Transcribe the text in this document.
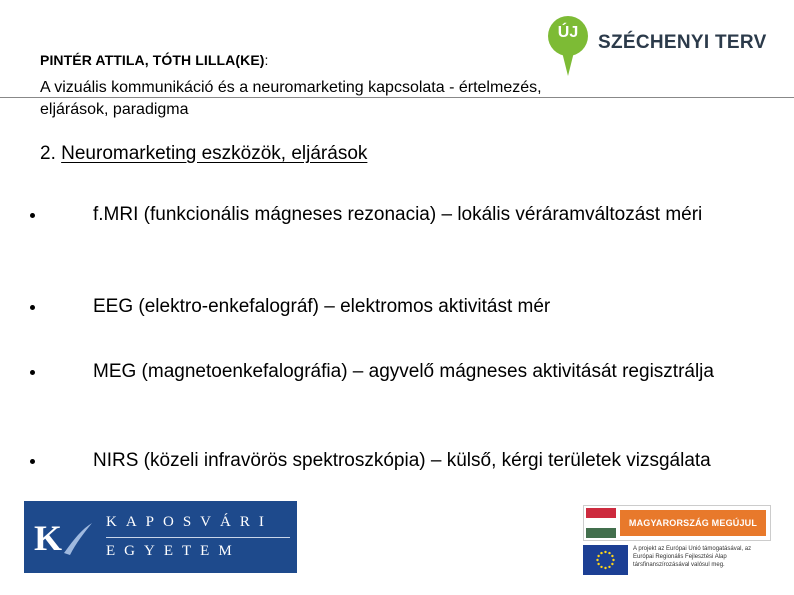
PINTÉR ATTILA, TÓTH LILLA(KE):
A vizuális kommunikáció és a neuromarketing kapcsolata - értelmezés, eljárások, paradigma
ÚJ	SZÉCHENYI TERV
2. Neuromarketing eszközök, eljárások
f.MRI (funkcionális mágneses rezonacia) – lokális véráramváltozást méri
EEG (elektro-enkefalográf) – elektromos aktivitást mér
MEG (magnetoenkefalográfia) – agyvelő mágneses aktivitását regisztrálja
NIRS (közeli infravörös spektroszkópia) – külső, kérgi területek vizsgálata
K	KAPOSVÁRI
EGYETEM
MAGYARORSZÁG MEGÚJUL
A projekt az Európai Unió támogatásával, az Európai Regionális Fejlesztési Alap társfinanszírozásával valósul meg.
